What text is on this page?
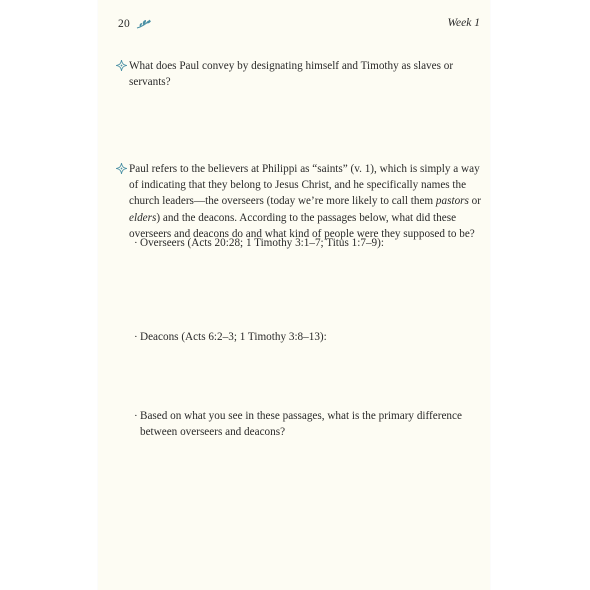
20	Week 1
What does Paul convey by designating himself and Timothy as slaves or servants?
Paul refers to the believers at Philippi as “saints” (v. 1), which is simply a way of indicating that they belong to Jesus Christ, and he specifically names the church leaders—the overseers (today we’re more likely to call them pastors or elders) and the deacons. According to the passages below, what did these overseers and deacons do and what kind of people were they supposed to be?
· Overseers (Acts 20:28; 1 Timothy 3:1–7; Titus 1:7–9):
· Deacons (Acts 6:2–3; 1 Timothy 3:8–13):
· Based on what you see in these passages, what is the primary difference between overseers and deacons?
